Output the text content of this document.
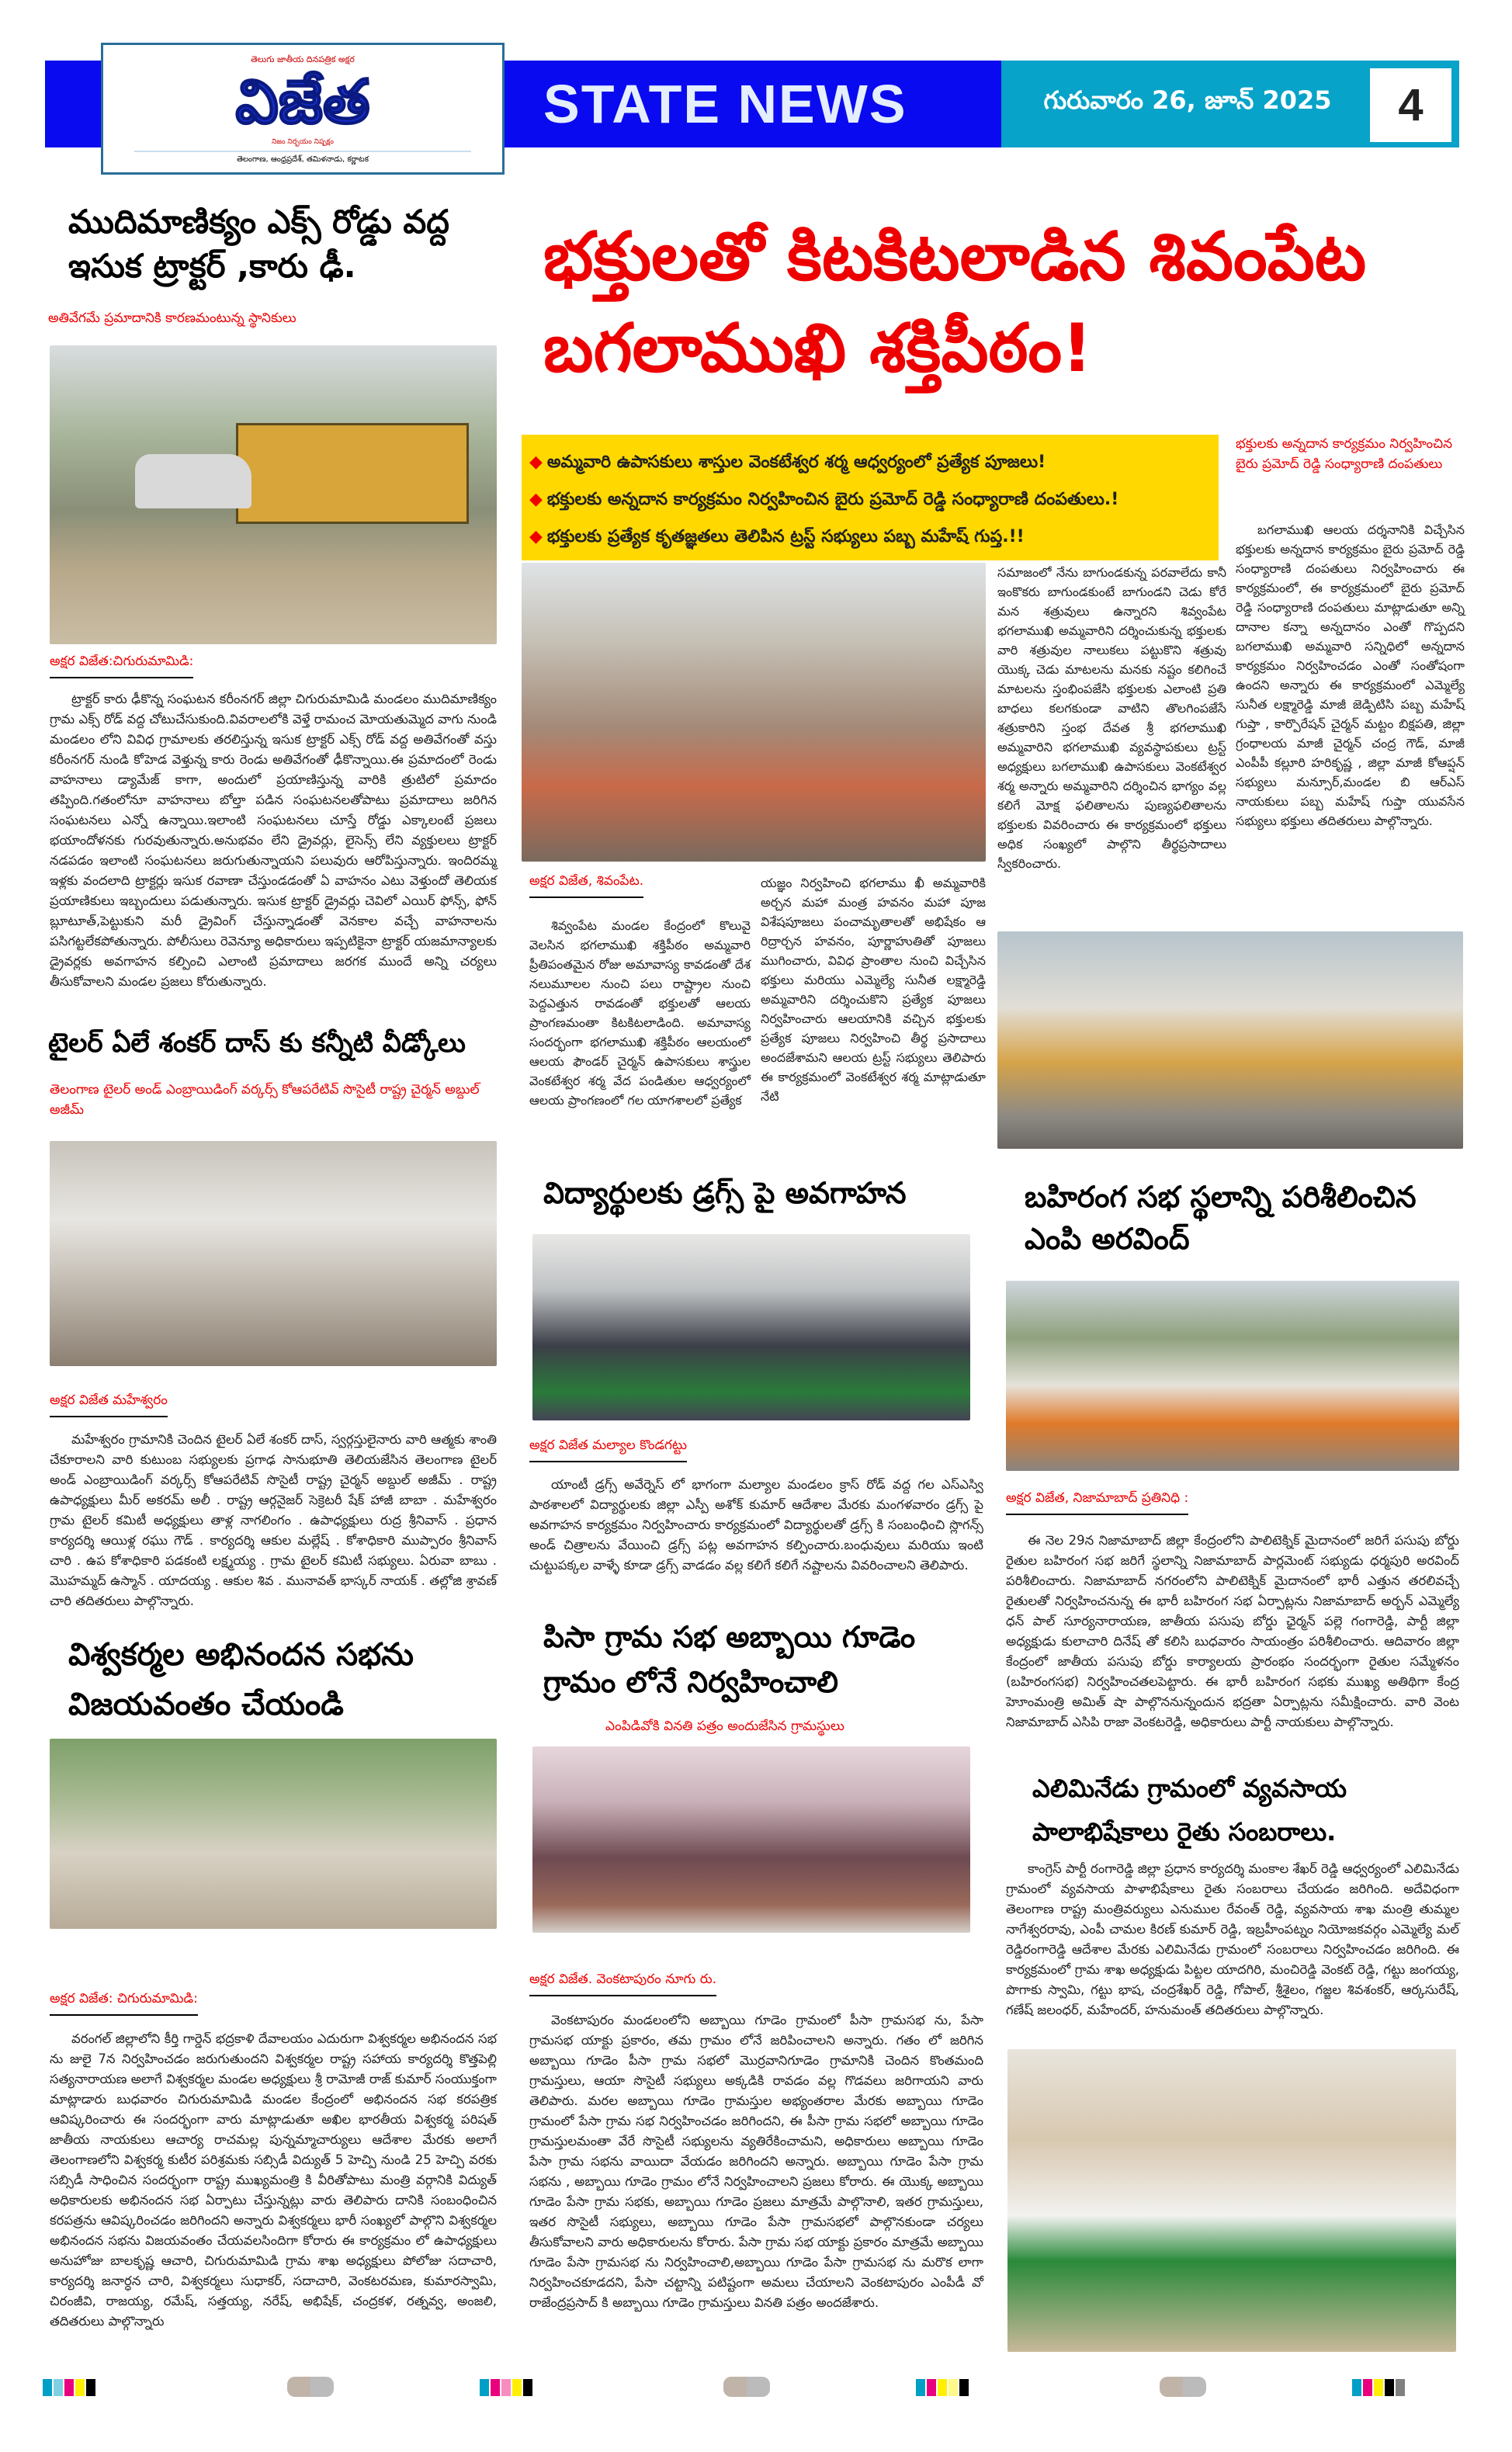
తెలుగు జాతీయ దినపత్రిక అక్షర
విజేత
నిజం నిర్భయం నిష్పక్షం
తెలంగాణ, ఆంధ్రప్రదేశ్, తమిళనాడు, కర్ణాటక
STATE NEWS	గురువారం 26, జూన్ 2025	4
ముదిమాణిక్యం ఎక్స్ రోడ్డు వద్ద ఇసుక ట్రాక్టర్ ,కారు ఢీ.
అతివేగమే ప్రమాదానికి కారణమంటున్న స్థానికులు
అక్షర విజేత:చిగురుమామిడి:
ట్రాక్టర్ కారు ఢీకొన్న సంఘటన కరీంనగర్ జిల్లా చిగురుమామిడి మండలం ముదిమాణిక్యం గ్రామ ఎక్స్ రోడ్ వద్ద చోటుచేసుకుంది.వివరాలలోకి వెళ్తే రామంచ మోయతుమ్మెద వాగు నుండి మండలం లోని వివిధ గ్రామాలకు తరలిస్తున్న ఇసుక ట్రాక్టర్ ఎక్స్ రోడ్ వద్ద అతివేగంతో వస్తు కరీంనగర్ నుండి కోహెడ వెళ్తున్న కారు రెండు అతివేగంతో ఢీకొన్నాయి.ఈ ప్రమాదంలో రెండు వాహనాలు డ్యామేజ్ కాగా, అందులో ప్రయాణిస్తున్న వారికి త్రుటిలో ప్రమాదం తప్పింది.గతంలోనూ వాహనాలు బోల్తా పడిన సంఘటనలతోపాటు ప్రమాదాలు జరిగిన సంఘటనలు ఎన్నో ఉన్నాయి.ఇలాంటి సంఘటనలు చూస్తే రోడ్డు ఎక్కాలంటే ప్రజలు భయాందోళనకు గురవుతున్నారు.అనుభవం లేని డ్రైవర్లు, లైసెన్స్ లేని వ్యక్తులలు ట్రాక్టర్ నడపడం ఇలాంటి సంఘటనలు జరుగుతున్నాయని పలువురు ఆరోపిస్తున్నారు. ఇందిరమ్మ ఇళ్లకు వందలాది ట్రాక్టర్లు ఇసుక రవాణా చేస్తుండడంతో ఏ వాహనం ఎటు వెళ్తుందో తెలియక ప్రయాణికులు ఇబ్బందులు పడుతున్నారు. ఇసుక ట్రాక్టర్ డ్రైవర్లు చెవిలో ఎయిర్ ఫోన్స్, ఫోన్ బ్లూటూత్,పెట్టుకుని మరీ డ్రైవింగ్ చేస్తున్నాడంతో వెనకాల వచ్చే వాహనాలను పసిగట్టలేకపోతున్నారు. పోలీసులు రెవెన్యూ అధికారులు ఇప్పటికైనా ట్రాక్టర్ యజమాన్యాలకు డ్రైవర్లకు అవగాహన కల్పించి ఎలాంటి ప్రమాదాలు జరగక ముందే అన్ని చర్యలు తీసుకోవాలని మండల ప్రజలు కోరుతున్నారు.
టైలర్ ఏలే శంకర్ దాస్ కు కన్నీటి వీడ్కోలు
తెలంగాణ టైలర్ అండ్ ఎంబ్రాయిడింగ్ వర్కర్స్ కోఆపరేటివ్ సొసైటీ రాష్ట్ర చైర్మన్ అబ్దుల్ అజీమ్
అక్షర విజేత మహేశ్వరం
మహేశ్వరం గ్రామానికి చెందిన టైలర్ ఏలే శంకర్ దాస్, స్వర్గస్తులైనారు వారి ఆత్మకు శాంతి చేకూరాలని వారి కుటుంబ సభ్యులకు ప్రగాఢ సానుభూతి తెలియజేసిన తెలంగాణ టైలర్ అండ్ ఎంబ్రాయిడింగ్ వర్కర్స్ కోఆపరేటివ్ సొసైటీ రాష్ట్ర చైర్మన్ అబ్దుల్ అజీమ్ . రాష్ట్ర ఉపాధ్యక్షులు మీర్ అకరమ్ అలీ . రాష్ట్ర ఆర్గనైజర్ సెక్రెటరీ షేక్ హాజీ బాబా . మహేశ్వరం గ్రామ టైలర్ కమిటీ అధ్యక్షులు తాళ్ల నాగలింగం . ఉపాధ్యక్షులు రుద్ర శ్రీనివాస్ . ప్రధాన కార్యదర్శి ఆయిళ్ల రఘు గౌడ్ . కార్యదర్శి ఆకుల మల్లేష్ . కోశాధికారి ముప్పారం శ్రీనివాస్ చారి . ఉప కోశాధికారి పడకంటి లక్ష్మయ్య . గ్రామ టైలర్ కమిటీ సభ్యులు. ఏరువా బాబు . మొహమ్మద్ ఉస్మాన్ . యాదయ్య . ఆకుల శివ . మునావత్ భాస్కర్ నాయక్ . తల్లోజి శ్రావణ్ చారి తదితరులు పాల్గొన్నారు.
విశ్వకర్మల అభినందన సభను విజయవంతం చేయండి
అక్షర విజేత: చిగురుమామిడి:
వరంగల్ జిల్లాలోని కీర్తి గార్డెన్ భద్రకాళి దేవాలయం ఎదురుగా విశ్వకర్మల అభినందన సభ ను జులై 7న నిర్వహించడం జరుగుతుందని విశ్వకర్మల రాష్ట్ర సహాయ కార్యదర్శి కొత్తపెల్లి సత్యనారాయణ అలాగే విశ్వకర్మల మండల అధ్యక్షులు శ్రీ రామోజీ రాజ్ కుమార్ సంయుక్తంగా మాట్లాడారు బుధవారం చిగురుమామిడి మండల కేంద్రంలో అభినందన సభ కరపత్రిక ఆవిష్కరించారు ఈ సందర్భంగా వారు మాట్లాడుతూ అఖిల భారతీయ విశ్వకర్మ పరిషత్ జాతీయ నాయకులు ఆచార్య రాచమల్ల పున్నమ్మాచార్యులు ఆదేశాల మేరకు అలాగే తెలంగాణలోని విశ్వకర్మ కుటీర పరిశ్రమకు సబ్సిడీ విద్యుత్ 5 హెచ్పి నుండి 25 హెచ్పి వరకు సబ్సిడీ సాధించిన సందర్భంగా రాష్ట్ర ముఖ్యమంత్రి కి వీరితోపాటు మంత్రి వర్గానికి విద్యుత్ అధికారులకు అభినందన సభ ఏర్పాటు చేస్తున్నట్లు వారు తెలిపారు దానికి సంబంధించిన కరపత్రను ఆవిష్కరించడం జరిగిందని అన్నారు విశ్వకర్మలు భారీ సంఖ్యలో పాల్గొని విశ్వకర్మల అభినందన సభను విజయవంతం చేయవలసిందిగా కోరారు ఈ కార్యక్రమం లో ఉపాధ్యక్షులు అనుహోజు బాలకృష్ణ ఆచారి, చిగురుమామిడి గ్రామ శాఖ అధ్యక్షులు పోలోజు సదాచారి, కార్యదర్శి జనార్ధన చారి, విశ్వకర్మలు సుధాకర్, సదాచారి, వెంకటరమణ, కుమారస్వామి, చిరంజీవి, రాజయ్య, రమేష్, సత్తయ్య, నరేష్, అభిషేక్, చంద్రకళ, రత్నవ్వ, అంజలి, తదితరులు పాల్గొన్నారు
భక్తులతో కిటకిటలాడిన శివంపేట బగలాముఖి శక్తిపీఠం!
◆ అమ్మవారి ఉపాసకులు శాస్తుల వెంకటేశ్వర శర్మ ఆధ్వర్యంలో ప్రత్యేక పూజలు!
◆ భక్తులకు అన్నదాన కార్యక్రమం నిర్వహించిన బైరు ప్రమోద్ రెడ్డి సంధ్యారాణి దంపతులు.!
◆ భక్తులకు ప్రత్యేక కృతజ్ఞతలు తెలిపిన ట్రస్ట్ సభ్యులు పబ్బ మహేష్ గుప్త.!!
భక్తులకు అన్నదాన కార్యక్రమం నిర్వహించిన బైరు ప్రమోద్ రెడ్డి సంధ్యారాణి దంపతులు
అక్షర విజేత, శివంపేట.
శివ్వంపేట మండల కేంద్రంలో కొలువై వెలసిన భగలాముఖి శక్తిపీఠం అమ్మవారి ప్రీతిపంతమైన రోజు అమావాస్య కావడంతో దేశ నలుమూలల నుంచి పలు రాష్ట్రాల నుంచి పెద్దఎత్తున రావడంతో భక్తులతో ఆలయ ప్రాంగణమంతా కిటకిటలాడింది. అమావాస్య సందర్భంగా భగలాముఖి శక్తిపీఠం ఆలయంలో ఆలయ ఫౌండర్ చైర్మన్ ఉపాసకులు శాస్త్రుల వెంకటేశ్వర శర్మ వేద పండితుల ఆధ్వర్యంలో ఆలయ ప్రాంగణంలో గల యాగశాలలో ప్రత్యేక
యజ్ఞం నిర్వహించి భగలాము ఖీ అమ్మవారికి అర్చన మహా మంత్ర హవనం మహా పూజ విశేషపూజలు పంచామృతాలతో అభిషేకం ఆ రిద్రార్చన హవనం, పూర్ణాహుతితో పూజలు ముగించారు, వివిధ ప్రాంతాల నుంచి విచ్చేసిన భక్తులు మరియు ఎమ్మెల్యే సునీత లక్ష్మారెడ్డి అమ్మవారిని దర్శించుకొని ప్రత్యేక పూజలు నిర్వహించారు ఆలయానికి వచ్చిన భక్తులకు ప్రత్యేక పూజలు నిర్వహించి తీర్థ ప్రసాదాలు అందజేశామని ఆలయ ట్రస్ట్ సభ్యులు తెలిపారు ఈ కార్యక్రమంలో వెంకటేశ్వర శర్మ మాట్లాడుతూ నేటి
సమాజంలో నేను బాగుండకున్న పరవాలేదు కానీ ఇంకొకరు బాగుండకుంటే బాగుండని చెడు కోరే మన శత్రువులు ఉన్నారని శివ్వంపేట భగలాముఖి అమ్మవారిని దర్శించుకున్న భక్తులకు వారి శత్రువుల నాలుకలు పట్టుకొని శత్రువు యొక్క చెడు మాటలను మనకు నష్టం కలిగించే మాటలను స్తంభింపజేసి భక్తులకు ఎలాంటి ప్రతి బాధలు కలగకుండా వాటిని తొలగింపజేసే శత్రుకారిని స్తంభ దేవత శ్రీ భగలాముఖి అమ్మవారిని భగలాముఖి వ్యవస్థాపకులు ట్రస్ట్ అధ్యక్షులు బగలాముఖి ఉపాసకులు వెంకటేశ్వర శర్మ అన్నారు అమ్మవారిని దర్శించిన భాగ్యం వల్ల కలిగే మోక్ష ఫలితాలను పుణ్యఫలితాలను భక్తులకు వివరించారు ఈ కార్యక్రమంలో భక్తులు అధిక సంఖ్యలో పాల్గొని తీర్థప్రసాదాలు స్వీకరించారు.
బగలాముఖి ఆలయ దర్శనానికి విచ్చేసిన భక్తులకు అన్నదాన కార్యక్రమం బైరు ప్రమోద్ రెడ్డి సంధ్యారాణి దంపతులు నిర్వహించారు ఈ కార్యక్రమంలో, ఈ కార్యక్రమంలో బైరు ప్రమోద్ రెడ్డి సంధ్యారాణి దంపతులు మాట్లాడుతూ అన్ని దానాల కన్నా అన్నదానం ఎంతో గొప్పదని బగలాముఖి అమ్మవారి సన్నిధిలో అన్నదాన కార్యక్రమం నిర్వహించడం ఎంతో సంతోషంగా ఉందని అన్నారు ఈ కార్యక్రమంలో ఎమ్మెల్యే సునీత లక్ష్మారెడ్డి మాజీ జెడ్పిటిసి పబ్బ మహేష్ గుప్తా , కార్పొరేషన్ చైర్మన్ మట్టం బిక్షపతి, జిల్లా గ్రంధాలయ మాజీ చైర్మన్ చంద్ర గౌడ్, మాజీ ఎంపీపీ కల్లూరి హరికృష్ణ , జిల్లా మాజీ కోఆప్షన్ సభ్యులు మన్సూర్,మండల బి ఆర్ఎస్ నాయకులు పబ్బ మహేష్ గుప్తా యువసేన సభ్యులు భక్తులు తదితరులు పాల్గొన్నారు.
విద్యార్థులకు డ్రగ్స్ పై అవగాహన
అక్షర విజేత మల్యాల కొండగట్టు
యాంటీ డ్రగ్స్ అవేర్నెస్ లో భాగంగా మల్యాల మండలం క్రాస్ రోడ్ వద్ద గల ఎస్ఎస్వి పాఠశాలలో విద్యార్థులకు జిల్లా ఎస్పీ అశోక్ కుమార్ ఆదేశాల మేరకు మంగళవారం డ్రగ్స్ పై అవగాహన కార్యక్రమం నిర్వహించారు కార్యక్రమంలో విద్యార్థులతో డ్రగ్స్ కి సంబంధించి స్లొగన్స్ అండ్ చిత్రాలను వేయించి డ్రగ్స్ పట్ల అవగాహన కల్పించారు.బంధువులు మరియు ఇంటి చుట్టుపక్కల వాళ్ళే కూడా డ్రగ్స్ వాడడం వల్ల కలిగే కలిగే నష్టాలను వివరించాలని తెలిపారు.
పిసా గ్రామ సభ అబ్బాయి గూడెం గ్రామం లోనే నిర్వహించాలి
ఎంపిడివోకి వినతి పత్రం అందుజేసిన గ్రామస్థులు
అక్షర విజేత. వెంకటాపురం నూగు రు.
వెంకటాపురం మండలంలోని అబ్బాయి గూడెం గ్రామంలో పీసా గ్రామసభ ను, పేసా గ్రామసభ యాక్టు ప్రకారం, తమ గ్రామం లోనే జరిపించాలని అన్నారు. గతం లో జరిగిన అబ్బాయి గూడెం పీసా గ్రామ సభలో మొర్రవానిగూడెం గ్రామానికి చెందిన కొంతమంది గ్రామస్తులు, ఆయా సొసైటీ సభ్యులు అక్కడికి రావడం వల్ల గొడవలు జరిగాయని వారు తెలిపారు. మరల అబ్బాయి గూడెం గ్రామస్తుల అభ్యంతరాల మేరకు అబ్బాయి గూడెం గ్రామంలో పేసా గ్రామ సభ నిర్వహించడం జరిగిందని, ఈ పీసా గ్రామ సభలో అబ్బాయి గూడెం గ్రామస్తులమంతా వేరే సొసైటీ సభ్యులను వ్యతిరేకించామని, అధికారులు అబ్బాయి గూడెం పేసా గ్రామ సభను వాయిదా వేయడం జరిగిందని అన్నారు. అబ్బాయి గూడెం పేసా గ్రామ సభను , అబ్బాయి గూడెం గ్రామం లోనే నిర్వహించాలని ప్రజలు కోరారు. ఈ యొక్క అబ్బాయి గూడెం పేసా గ్రామ సభకు, అబ్బాయి గూడెం ప్రజలు మాత్రమే పాల్గొనాలి, ఇతర గ్రామస్తులు, ఇతర సొసైటీ సభ్యులు, అబ్బాయి గూడెం పేసా గ్రామసభలో పాల్గొనకుండా చర్యలు తీసుకోవాలని వారు అధికారులను కోరారు. పేసా గ్రామ సభ యాక్టు ప్రకారం మాత్రమే అబ్బాయి గూడెం పేసా గ్రామసభ ను నిర్వహించాలి,అబ్బాయి గూడెం పేసా గ్రామసభ ను మరొక లాగా నిర్వహించకూడదని, పేసా చట్టాన్ని పటిష్టంగా అమలు చేయాలని వెంకటాపురం ఎంపీడీ వో రాజేంద్రప్రసాద్ కి అబ్బాయి గూడెం గ్రామస్తులు వినతి పత్రం అందజేశారు.
బహిరంగ సభ స్థలాన్ని పరిశీలించిన ఎంపి అరవింద్
అక్షర విజేత, నిజామాబాద్ ప్రతినిధి :
ఈ నెల 29న నిజామాబాద్ జిల్లా కేంద్రంలోని పాలిటెక్నిక్ మైదానంలో జరిగే పసుపు బోర్డు రైతుల బహిరంగ సభ జరిగే స్థలాన్ని నిజామాబాద్ పార్లమెంట్ సభ్యుడు ధర్మపురి అరవింద్ పరిశీలించారు. నిజామాబాద్ నగరంలోని పాలిటెక్నిక్ మైదానంలో భారీ ఎత్తున తరలివచ్చే రైతులతో నిర్వహించనున్న ఈ భారీ బహిరంగ సభ ఏర్పాట్లను నిజామాబాద్ అర్బన్ ఎమ్మెల్యే ధన్ పాల్ సూర్యనారాయణ, జాతీయ పసుపు బోర్డు ఛైర్మన్ పల్లె గంగారెడ్డి, పార్టీ జిల్లా అధ్యక్షుడు కులాచారి దినేష్ తో కలిసి బుధవారం సాయంత్రం పరిశీలించారు. ఆదివారం జిల్లా కేంద్రంలో జాతీయ పసుపు బోర్డు కార్యాలయ ప్రారంభం సందర్భంగా రైతుల సమ్మేళనం (బహిరంగసభ) నిర్వహించతలపెట్టారు. ఈ భారీ బహిరంగ సభకు ముఖ్య అతిథిగా కేంద్ర హెూంమంత్రి అమిత్ షా పాల్గొననున్నందున భద్రతా ఏర్పాట్లను సమీక్షించారు. వారి వెంట నిజామాబాద్ ఎసిపి రాజా వెంకటరెడ్డి, అధికారులు పార్టీ నాయకులు పాల్గొన్నారు.
ఎలిమినేడు గ్రామంలో వ్యవసాయ పాలాభిషేకాలు రైతు సంబరాలు.
కాంగ్రెస్ పార్టీ రంగారెడ్డి జిల్లా ప్రధాన కార్యదర్శి మంకాల శేఖర్ రెడ్డి ఆధ్వర్యంలో ఎలిమినేడు గ్రామంలో వ్యవసాయ పాళాభిషేకాలు రైతు సంబరాలు చేయడం జరిగింది. అదేవిధంగా తెలంగాణ రాష్ట్ర మంత్రివర్యులు ఎనుముల రేవంత్ రెడ్డి, వ్యవసాయ శాఖ మంత్రి తుమ్మల నాగేశ్వరరావు, ఎంపీ చామల కిరణ్ కుమార్ రెడ్డి, ఇబ్రహీంపట్నం నియోజకవర్గం ఎమ్మెల్యే మల్ రెడ్డిరంగారెడ్డి ఆదేశాల మేరకు ఎలిమినేడు గ్రామంలో సంబరాలు నిర్వహించడం జరిగింది. ఈ కార్యక్రమంలో గ్రామ శాఖ అధ్యక్షుడు పిట్టల యాదగిరి, మంచిరెడ్డి వెంకట్ రెడ్డి, గట్టు జంగయ్య, పొగాకు స్వామి, గట్టు భాష, చంద్రశేఖర్ రెడ్డి, గోపాల్, శ్రీశైలం, గజ్జల శివశంకర్, ఆర్కసురేష్, గణేష్ జలంధర్, మహేందర్, హనుమంత్ తదితరులు పాల్గొన్నారు.
